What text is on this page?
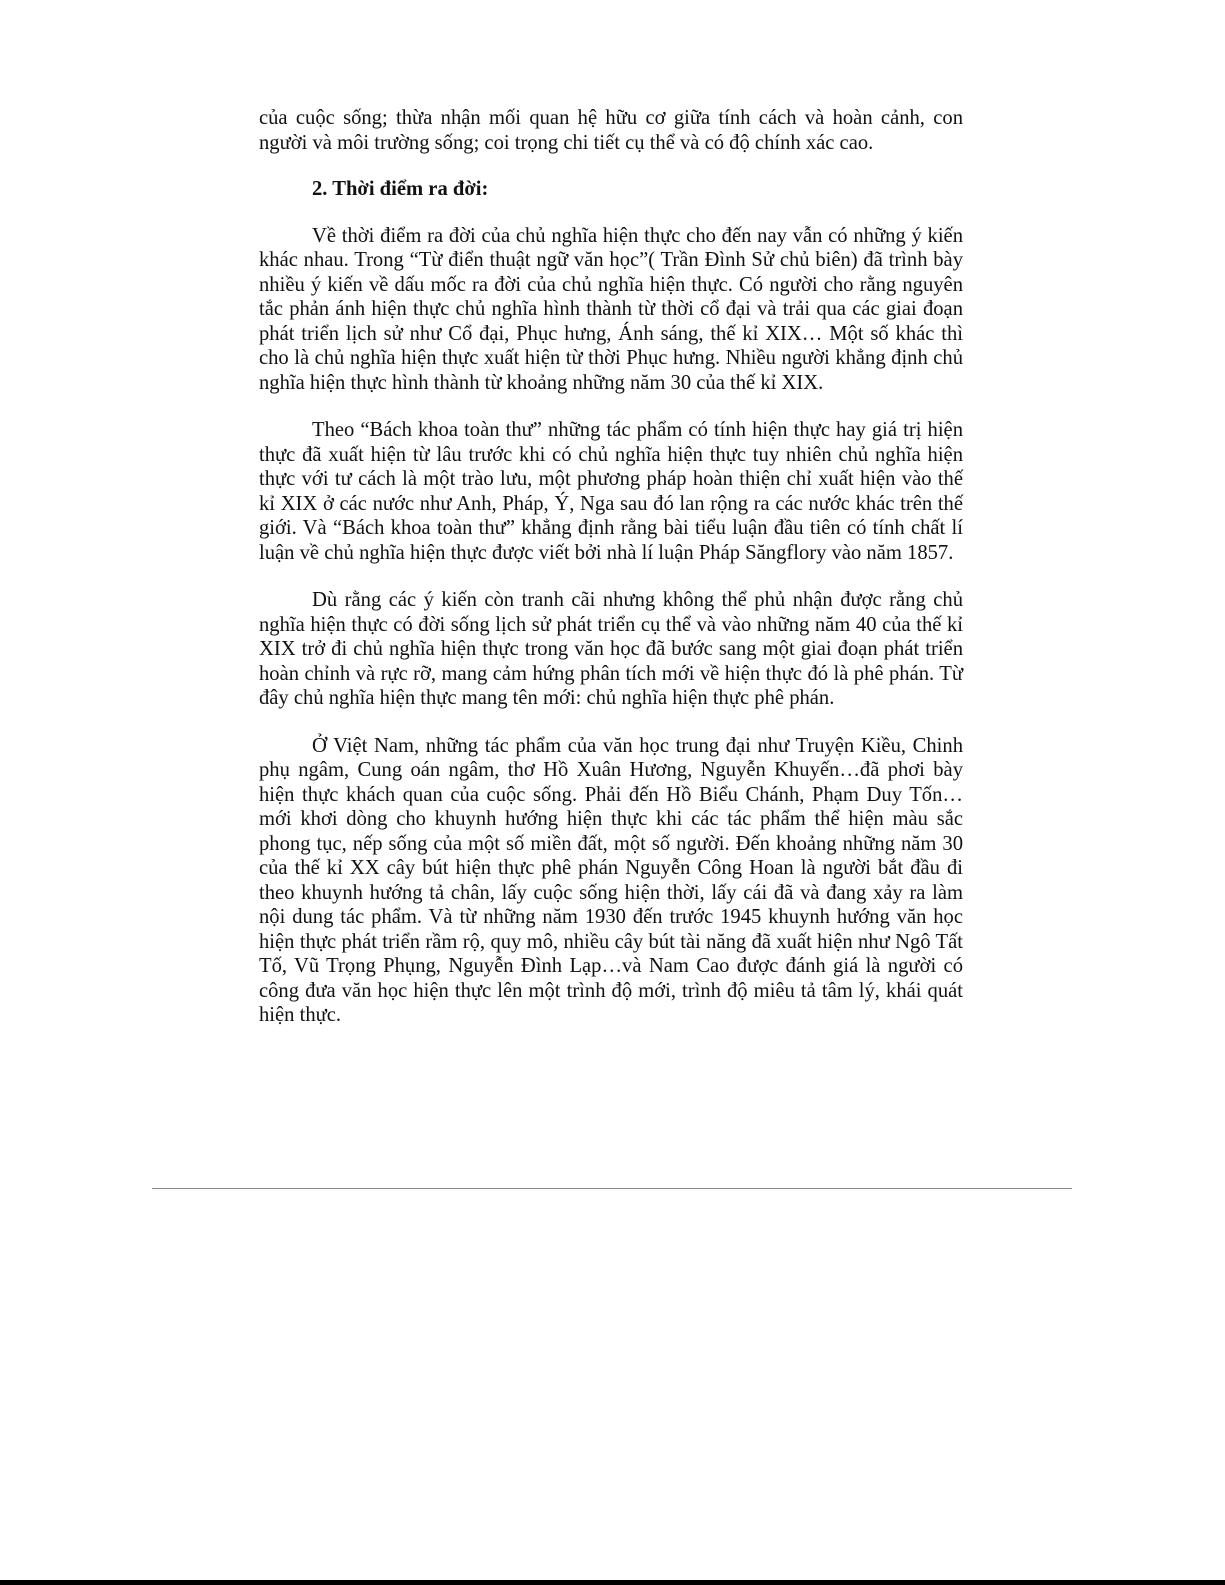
của cuộc sống; thừa nhận mối quan hệ hữu cơ giữa tính cách và hoàn cảnh, con người và môi trường sống; coi trọng chi tiết cụ thể và có độ chính xác cao.

2. Thời điểm ra đời:

Về thời điểm ra đời của chủ nghĩa hiện thực cho đến nay vẫn có những ý kiến khác nhau. Trong “Từ điển thuật ngữ văn học”( Trần Đình Sử chủ biên) đã trình bày nhiều ý kiến về dấu mốc ra đời của chủ nghĩa hiện thực. Có người cho rằng nguyên tắc phản ánh hiện thực chủ nghĩa hình thành từ thời cổ đại và trải qua các giai đoạn phát triển lịch sử như Cổ đại, Phục hưng, Ánh sáng, thế kỉ XIX… Một số khác thì cho là chủ nghĩa hiện thực xuất hiện từ thời Phục hưng. Nhiều người khẳng định chủ nghĩa hiện thực hình thành từ khoảng những năm 30 của thế kỉ XIX.

Theo “Bách khoa toàn thư” những tác phẩm có tính hiện thực hay giá trị hiện thực đã xuất hiện từ lâu trước khi có chủ nghĩa hiện thực tuy nhiên chủ nghĩa hiện thực với tư cách là một trào lưu, một phương pháp hoàn thiện chỉ xuất hiện vào thế kỉ XIX ở các nước như Anh, Pháp, Ý, Nga sau đó lan rộng ra các nước khác trên thế giới. Và “Bách khoa toàn thư” khẳng định rằng bài tiểu luận đầu tiên có tính chất lí luận về chủ nghĩa hiện thực được viết bởi nhà lí luận Pháp Săngflory vào năm 1857.

Dù rằng các ý kiến còn tranh cãi nhưng không thể phủ nhận được rằng chủ nghĩa hiện thực có đời sống lịch sử phát triển cụ thể và vào những năm 40 của thế kỉ XIX trở đi chủ nghĩa hiện thực trong văn học đã bước sang một giai đoạn phát triển hoàn chỉnh và rực rỡ, mang cảm hứng phân tích mới về hiện thực đó là phê phán. Từ đây chủ nghĩa hiện thực mang tên mới: chủ nghĩa hiện thực phê phán.

Ở Việt Nam, những tác phẩm của văn học trung đại như Truyện Kiều, Chinh phụ ngâm, Cung oán ngâm, thơ Hồ Xuân Hương, Nguyễn Khuyến…đã phơi bày hiện thực khách quan của cuộc sống. Phải đến Hồ Biểu Chánh, Phạm Duy Tốn… mới khơi dòng cho khuynh hướng hiện thực khi các tác phẩm thể hiện màu sắc phong tục, nếp sống của một số miền đất, một số người. Đến khoảng những năm 30 của thế kỉ XX cây bút hiện thực phê phán Nguyễn Công Hoan là người bắt đầu đi theo khuynh hướng tả chân, lấy cuộc sống hiện thời, lấy cái đã và đang xảy ra làm nội dung tác phẩm. Và từ những năm 1930 đến trước 1945 khuynh hướng văn học hiện thực phát triển rầm rộ, quy mô, nhiều cây bút tài năng đã xuất hiện như Ngô Tất Tố, Vũ Trọng Phụng, Nguyễn Đình Lạp…và Nam Cao được đánh giá là người có công đưa văn học hiện thực lên một trình độ mới, trình độ miêu tả tâm lý, khái quát hiện thực.
